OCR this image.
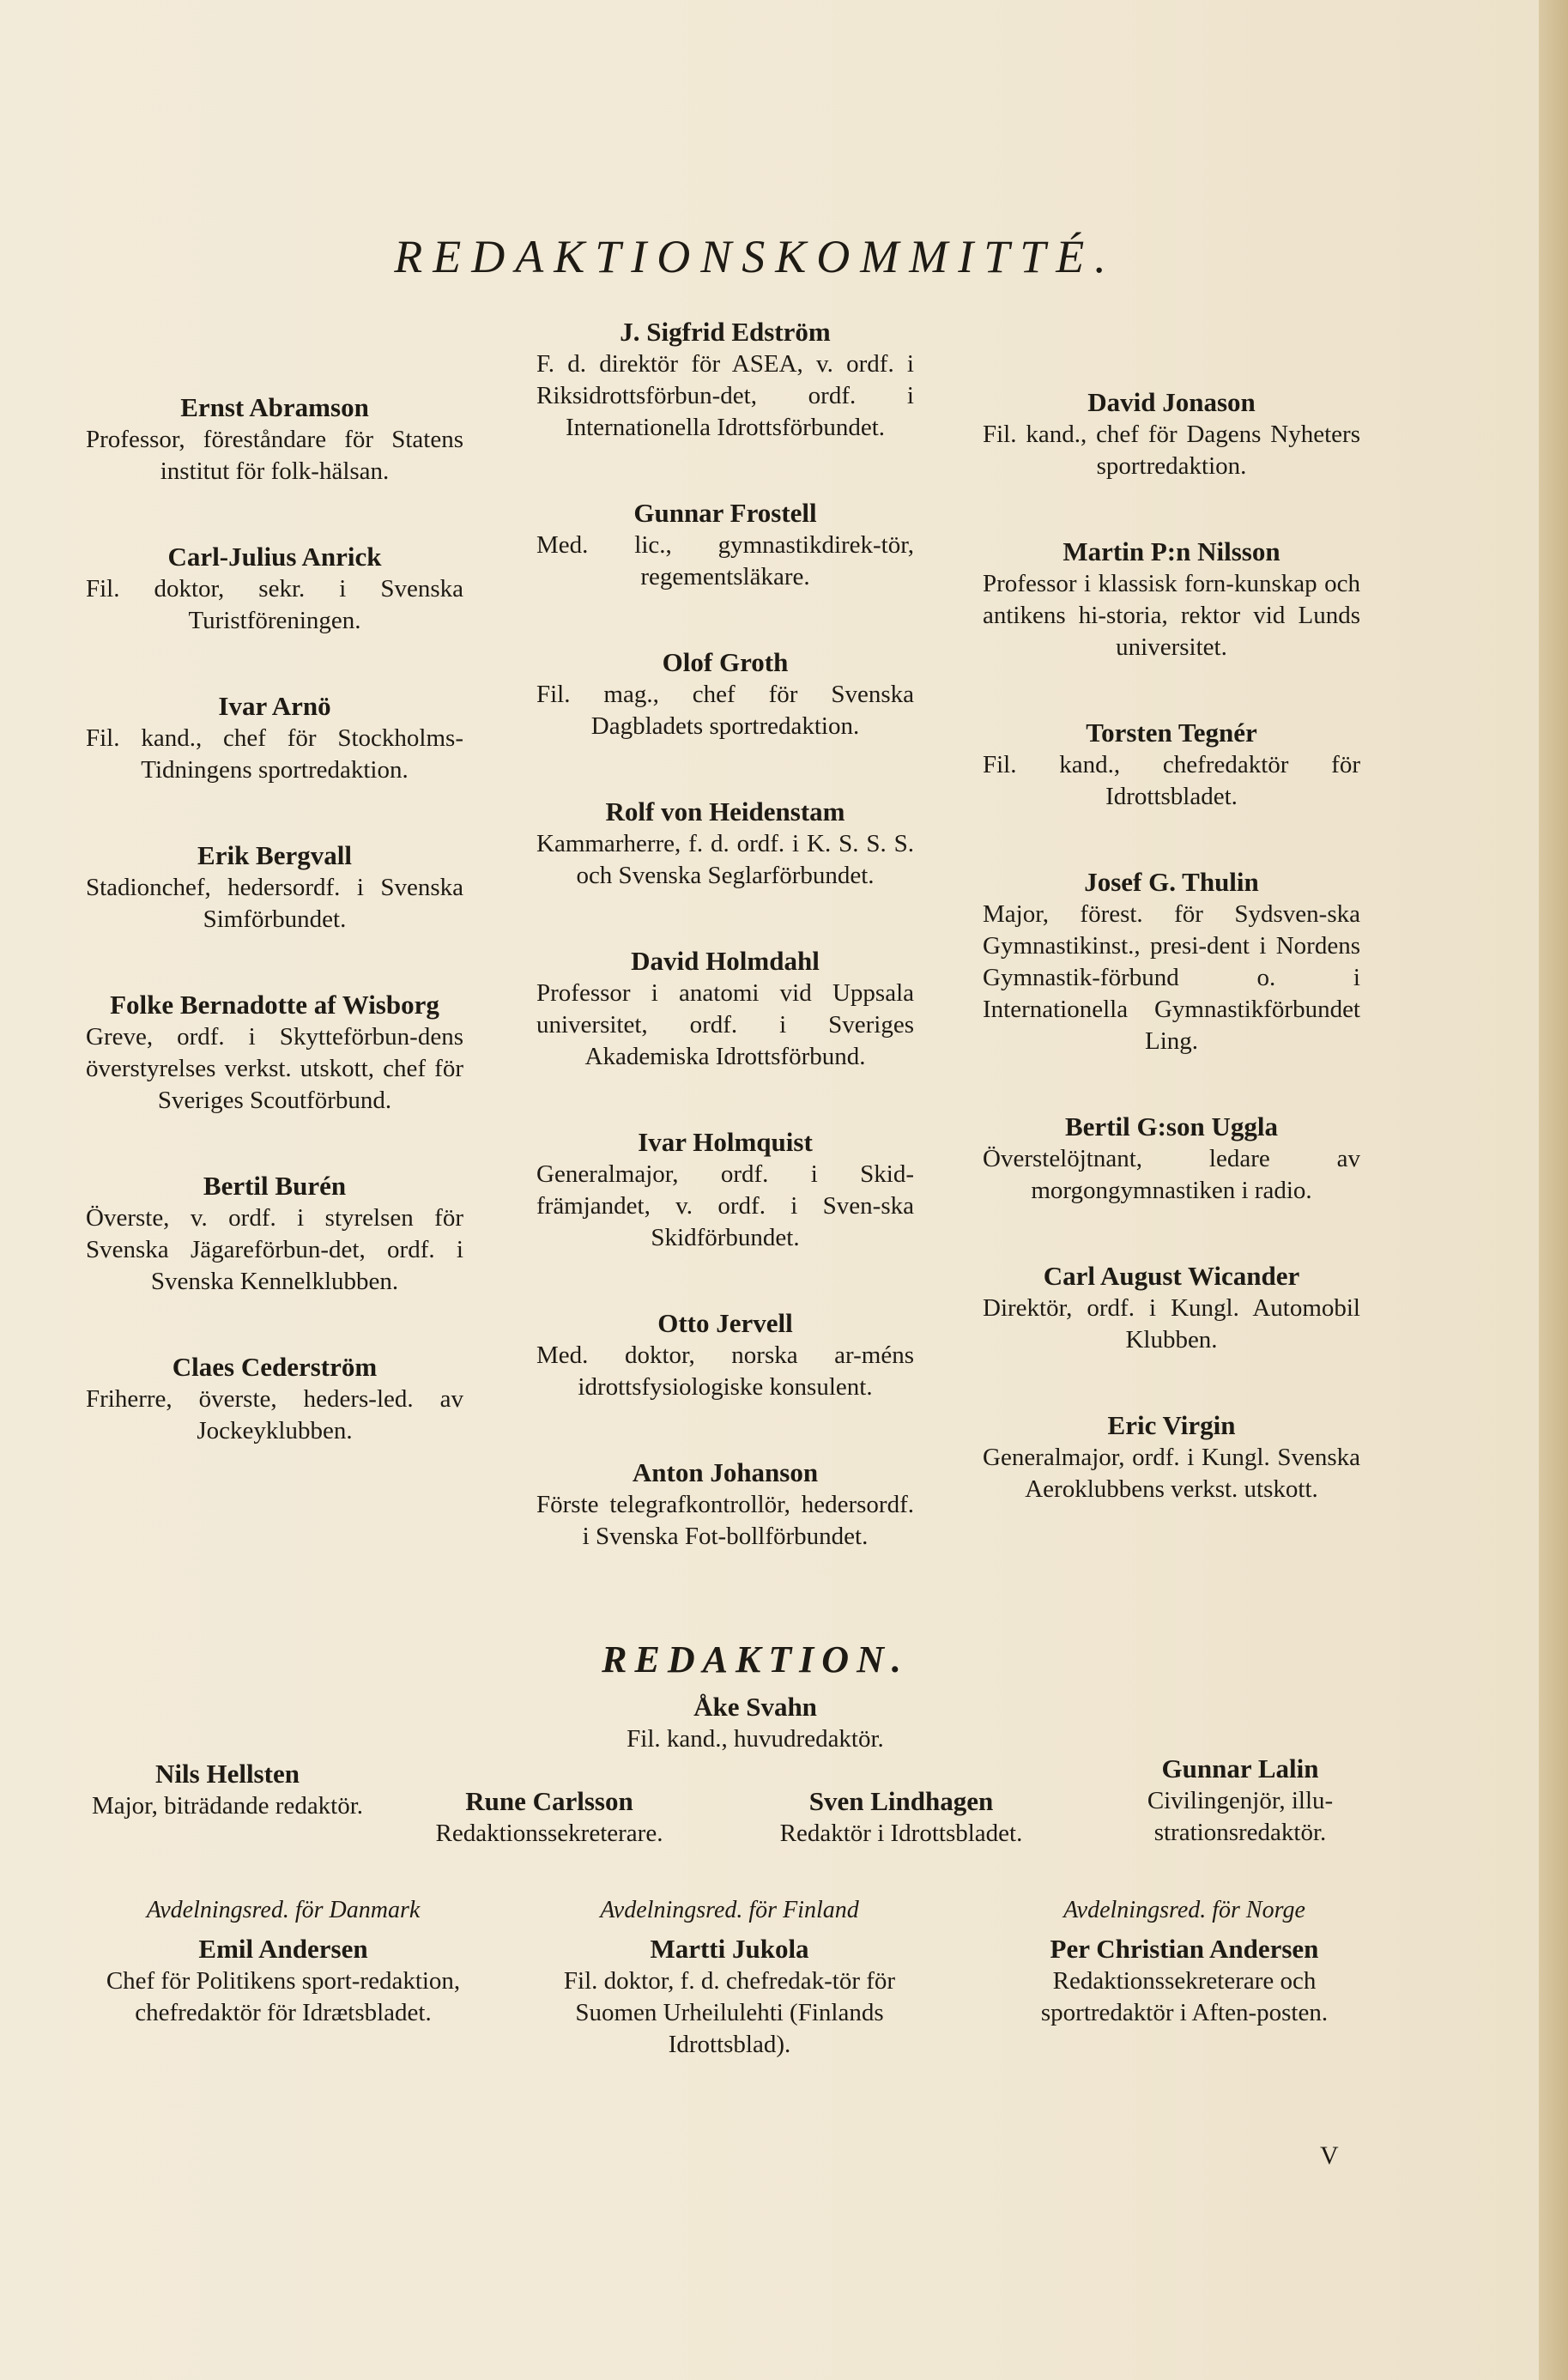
REDAKTIONSKOMMITTÉ.
Ernst Abramson
Professor, föreståndare för Statens institut för folk-hälsan.
Carl-Julius Anrick
Fil. doktor, sekr. i Svenska Turistföreningen.
Ivar Arnö
Fil. kand., chef för Stockholms-Tidningens sportredaktion.
Erik Bergvall
Stadionchef, hedersordf. i Svenska Simförbundet.
Folke Bernadotte af Wisborg
Greve, ordf. i Skytteförbun-dens överstyrelses verkst. utskott, chef för Sveriges Scoutförbund.
Bertil Burén
Överste, v. ordf. i styrelsen för Svenska Jägareförbun-det, ordf. i Svenska Kennelklubben.
Claes Cederström
Friherre, överste, heders-led. av Jockeyklubben.
J. Sigfrid Edström
F. d. direktör för ASEA, v. ordf. i Riksidrottsförbun-det, ordf. i Internationella Idrottsförbundet.
Gunnar Frostell
Med. lic., gymnastikdirek-tör, regementsläkare.
Olof Groth
Fil. mag., chef för Svenska Dagbladets sportredaktion.
Rolf von Heidenstam
Kammarherre, f. d. ordf. i K. S. S. S. och Svenska Seglarförbundet.
David Holmdahl
Professor i anatomi vid Uppsala universitet, ordf. i Sveriges Akademiska Idrottsförbund.
Ivar Holmquist
Generalmajor, ordf. i Skid-främjandet, v. ordf. i Sven-ska Skidförbundet.
Otto Jervell
Med. doktor, norska ar-méns idrottsfysiologiske konsulent.
Anton Johanson
Förste telegrafkontrollör, hedersordf. i Svenska Fot-bollförbundet.
David Jonason
Fil. kand., chef för Dagens Nyheters sportredaktion.
Martin P:n Nilsson
Professor i klassisk forn-kunskap och antikens hi-storia, rektor vid Lunds universitet.
Torsten Tegnér
Fil. kand., chefredaktör för Idrottsbladet.
Josef G. Thulin
Major, förest. för Sydsven-ska Gymnastikinst., presi-dent i Nordens Gymnastik-förbund o. i Internationella Gymnastikförbundet Ling.
Bertil G:son Uggla
Överstelöjtnant, ledare av morgongymnastiken i radio.
Carl August Wicander
Direktör, ordf. i Kungl. Automobil Klubben.
Eric Virgin
Generalmajor, ordf. i Kungl. Svenska Aeroklubbens verkst. utskott.
REDAKTION.
Åke Svahn
Fil. kand., huvudredaktör.
Nils Hellsten
Major, biträdande redaktör.	Rune Carlsson
Redaktionssekreterare.
Sven Lindhagen
Redaktör i Idrottsbladet.
Gunnar Lalin
Civilingenjör, illu-strationsredaktör.
Avdelningsred. för Danmark
Emil Andersen
Chef för Politikens sport-redaktion, chefredaktör för Idrætsbladet.
Avdelningsred. för Finland
Martti Jukola
Fil. doktor, f. d. chefredak-tör för Suomen Urheilulehti (Finlands Idrottsblad).
Avdelningsred. för Norge
Per Christian Andersen
Redaktionssekreterare och sportredaktör i Aften-posten.
V
